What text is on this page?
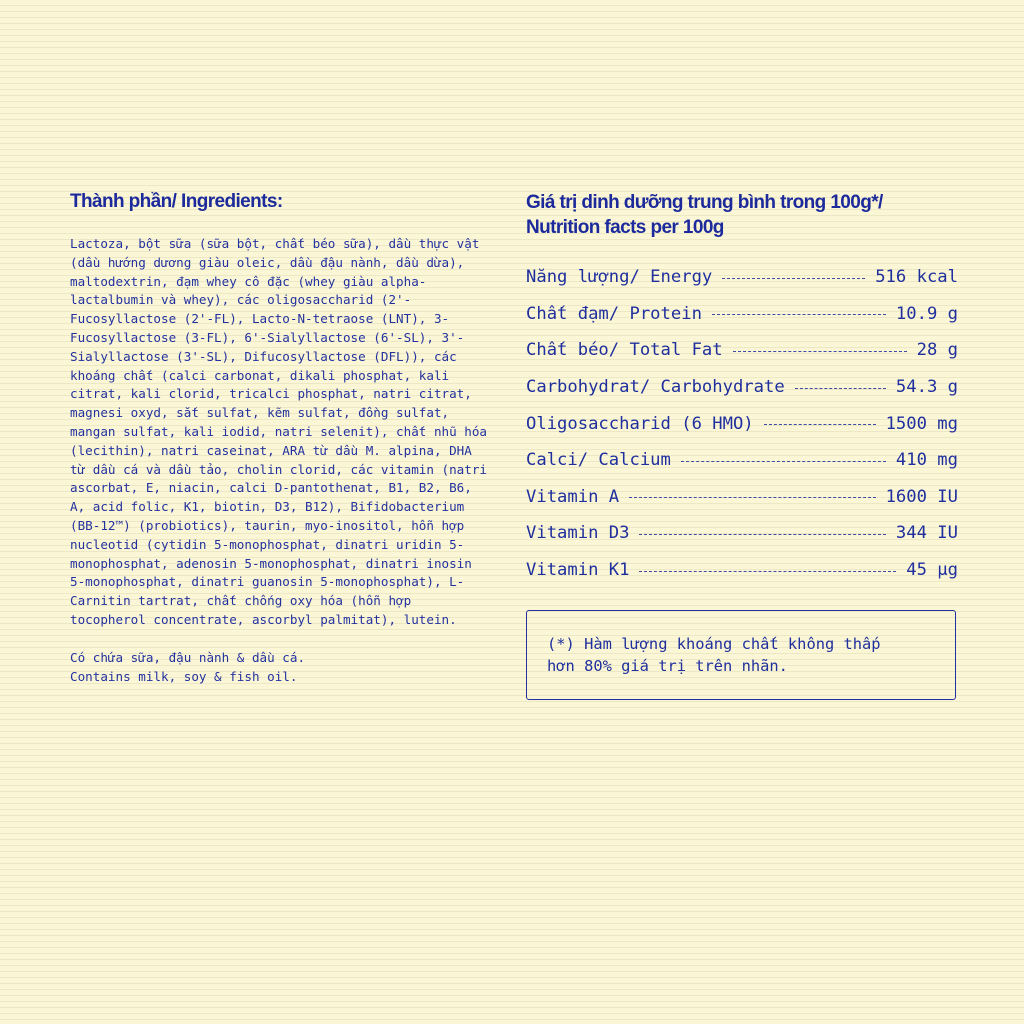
Thành phần/ Ingredients:

Lactoza, bột sữa (sữa bột, chất béo sữa), dầu thực vật (dầu hướng dương giàu oleic, dầu đậu nành, dầu dừa), maltodextrin, đạm whey cô đặc (whey giàu alpha-lactalbumin và whey), các oligosaccharid (2'-Fucosyllactose (2'-FL), Lacto-N-tetraose (LNT), 3-Fucosyllactose (3-FL), 6'-Sialyllactose (6'-SL), 3'-Sialyllactose (3'-SL), Difucosyllactose (DFL)), các khoáng chất (calci carbonat, dikali phosphat, kali citrat, kali clorid, tricalci phosphat, natri citrat, magnesi oxyd, sắt sulfat, kẽm sulfat, đồng sulfat, mangan sulfat, kali iodid, natri selenit), chất nhũ hóa (lecithin), natri caseinat, ARA từ dầu M. alpina, DHA từ dầu cá và dầu tảo, cholin clorid, các vitamin (natri ascorbat, E, niacin, calci D-pantothenat, B1, B2, B6, A, acid folic, K1, biotin, D3, B12), Bifidobacterium (BB-12™) (probiotics), taurin, myo-inositol, hỗn hợp nucleotid (cytidin 5-monophosphat, dinatri uridin 5-monophosphat, adenosin 5-monophosphat, dinatri inosin 5-monophosphat, dinatri guanosin 5-monophosphat), L-Carnitin tartrat, chất chống oxy hóa (hỗn hợp tocopherol concentrate, ascorbyl palmitat), lutein.

Có chứa sữa, đậu nành & dầu cá.
Contains milk, soy & fish oil.

Giá trị dinh dưỡng trung bình trong 100g*/
Nutrition facts per 100g
Năng lượng/ Energy	516 kcal
Chất đạm/ Protein	10.9 g
Chất béo/ Total Fat	28 g
Carbohydrat/ Carbohydrate	54.3 g
Oligosaccharid (6 HMO)	1500 mg
Calci/ Calcium	410 mg
Vitamin A	1600 IU
Vitamin D3	344 IU
Vitamin K1	45 µg
(*) Hàm lượng khoáng chất không thấp
hơn 80% giá trị trên nhãn.
